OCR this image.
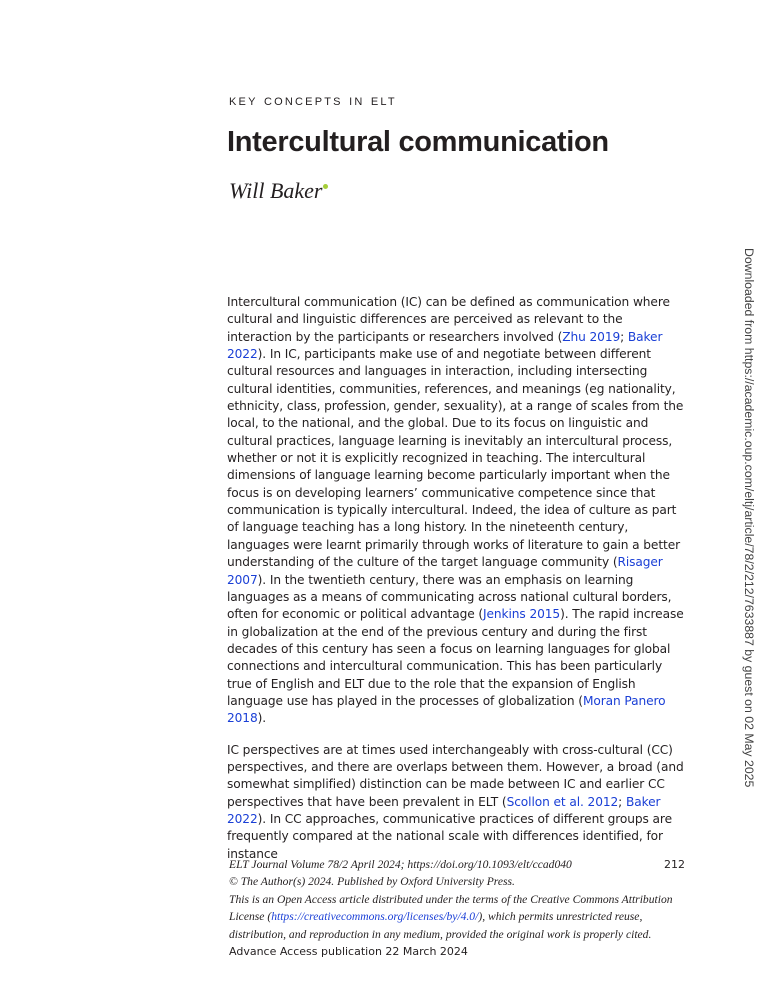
key concepts in elt
Intercultural communication
Will Baker
Downloaded from https://academic.oup.com/eltj/article/78/2/212/7633887 by guest on 02 May 2025

Intercultural communication (IC) can be defined as communication where cultural and linguistic differences are perceived as relevant to the interaction by the participants or researchers involved (Zhu 2019; Baker 2022). In IC, participants make use of and negotiate between different cultural resources and languages in interaction, including intersecting cultural identities, communities, references, and meanings (eg nationality, ethnicity, class, profession, gender, sexuality), at a range of scales from the local, to the national, and the global. Due to its focus on linguistic and cultural practices, language learning is inevitably an intercultural process, whether or not it is explicitly recognized in teaching. The intercultural dimensions of language learning become particularly important when the focus is on developing learners’ communicative competence since that communication is typically intercultural. Indeed, the idea of culture as part of language teaching has a long history. In the nineteenth century, languages were learnt primarily through works of literature to gain a better understanding of the culture of the target language community (Risager 2007). In the twentieth century, there was an emphasis on learning languages as a means of communicating across national cultural borders, often for economic or political advantage (Jenkins 2015). The rapid increase in globalization at the end of the previous century and during the first decades of this century has seen a focus on learning languages for global connections and intercultural communication. This has been particularly true of English and ELT due to the role that the expansion of English language use has played in the processes of globalization (Moran Panero 2018).

IC perspectives are at times used interchangeably with cross-cultural (CC) perspectives, and there are overlaps between them. However, a broad (and somewhat simplified) distinction can be made between IC and earlier CC perspectives that have been prevalent in ELT (Scollon et al. 2012; Baker 2022). In CC approaches, communicative practices of different groups are frequently compared at the national scale with differences identified, for instance

ELT Journal Volume 78/2 April 2024; https://doi.org/10.1093/elt/ccad040	212
© The Author(s) 2024. Published by Oxford University Press.
This is an Open Access article distributed under the terms of the Creative Commons Attribution License (https://creativecommons.org/licenses/by/4.0/), which permits unrestricted reuse, distribution, and reproduction in any medium, provided the original work is properly cited.
Advance Access publication 22 March 2024
